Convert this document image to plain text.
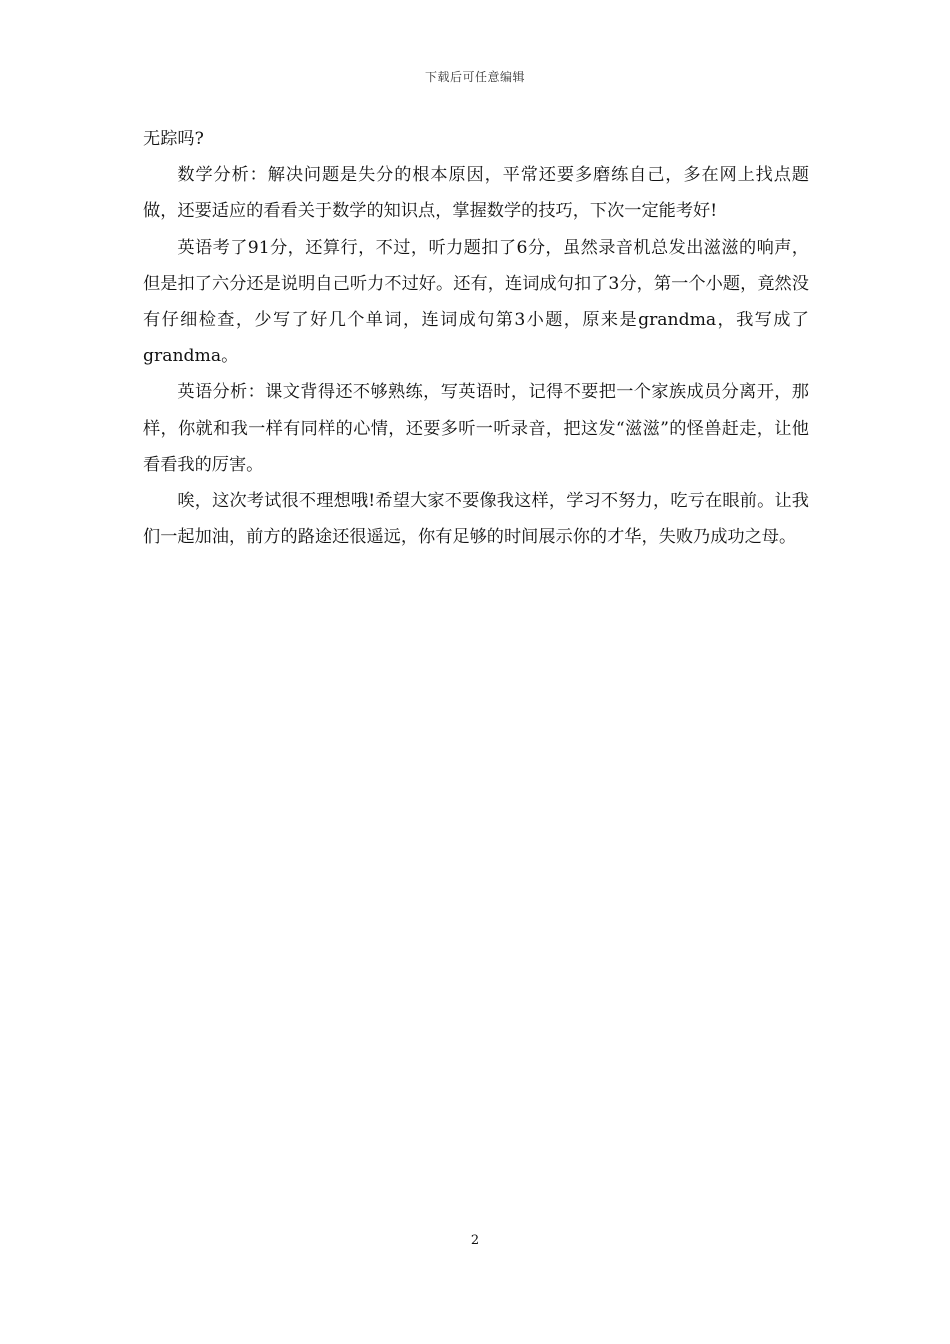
下载后可任意编辑

无踪吗?

数学分析：解决问题是失分的根本原因，平常还要多磨练自己，多在网上找点题做，还要适应的看看关于数学的知识点，掌握数学的技巧，下次一定能考好!

英语考了91分，还算行，不过，听力题扣了6分，虽然录音机总发出滋滋的响声，但是扣了六分还是说明自己听力不过好。还有，连词成句扣了3分，第一个小题，竟然没有仔细检查，少写了好几个单词，连词成句第3小题，原来是grandma，我写成了grandma。

英语分析：课文背得还不够熟练，写英语时，记得不要把一个家族成员分离开，那样，你就和我一样有同样的心情，还要多听一听录音，把这发“滋滋”的怪兽赶走，让他看看我的厉害。

唉，这次考试很不理想哦!希望大家不要像我这样，学习不努力，吃亏在眼前。让我们一起加油，前方的路途还很遥远，你有足够的时间展示你的才华，失败乃成功之母。

2
